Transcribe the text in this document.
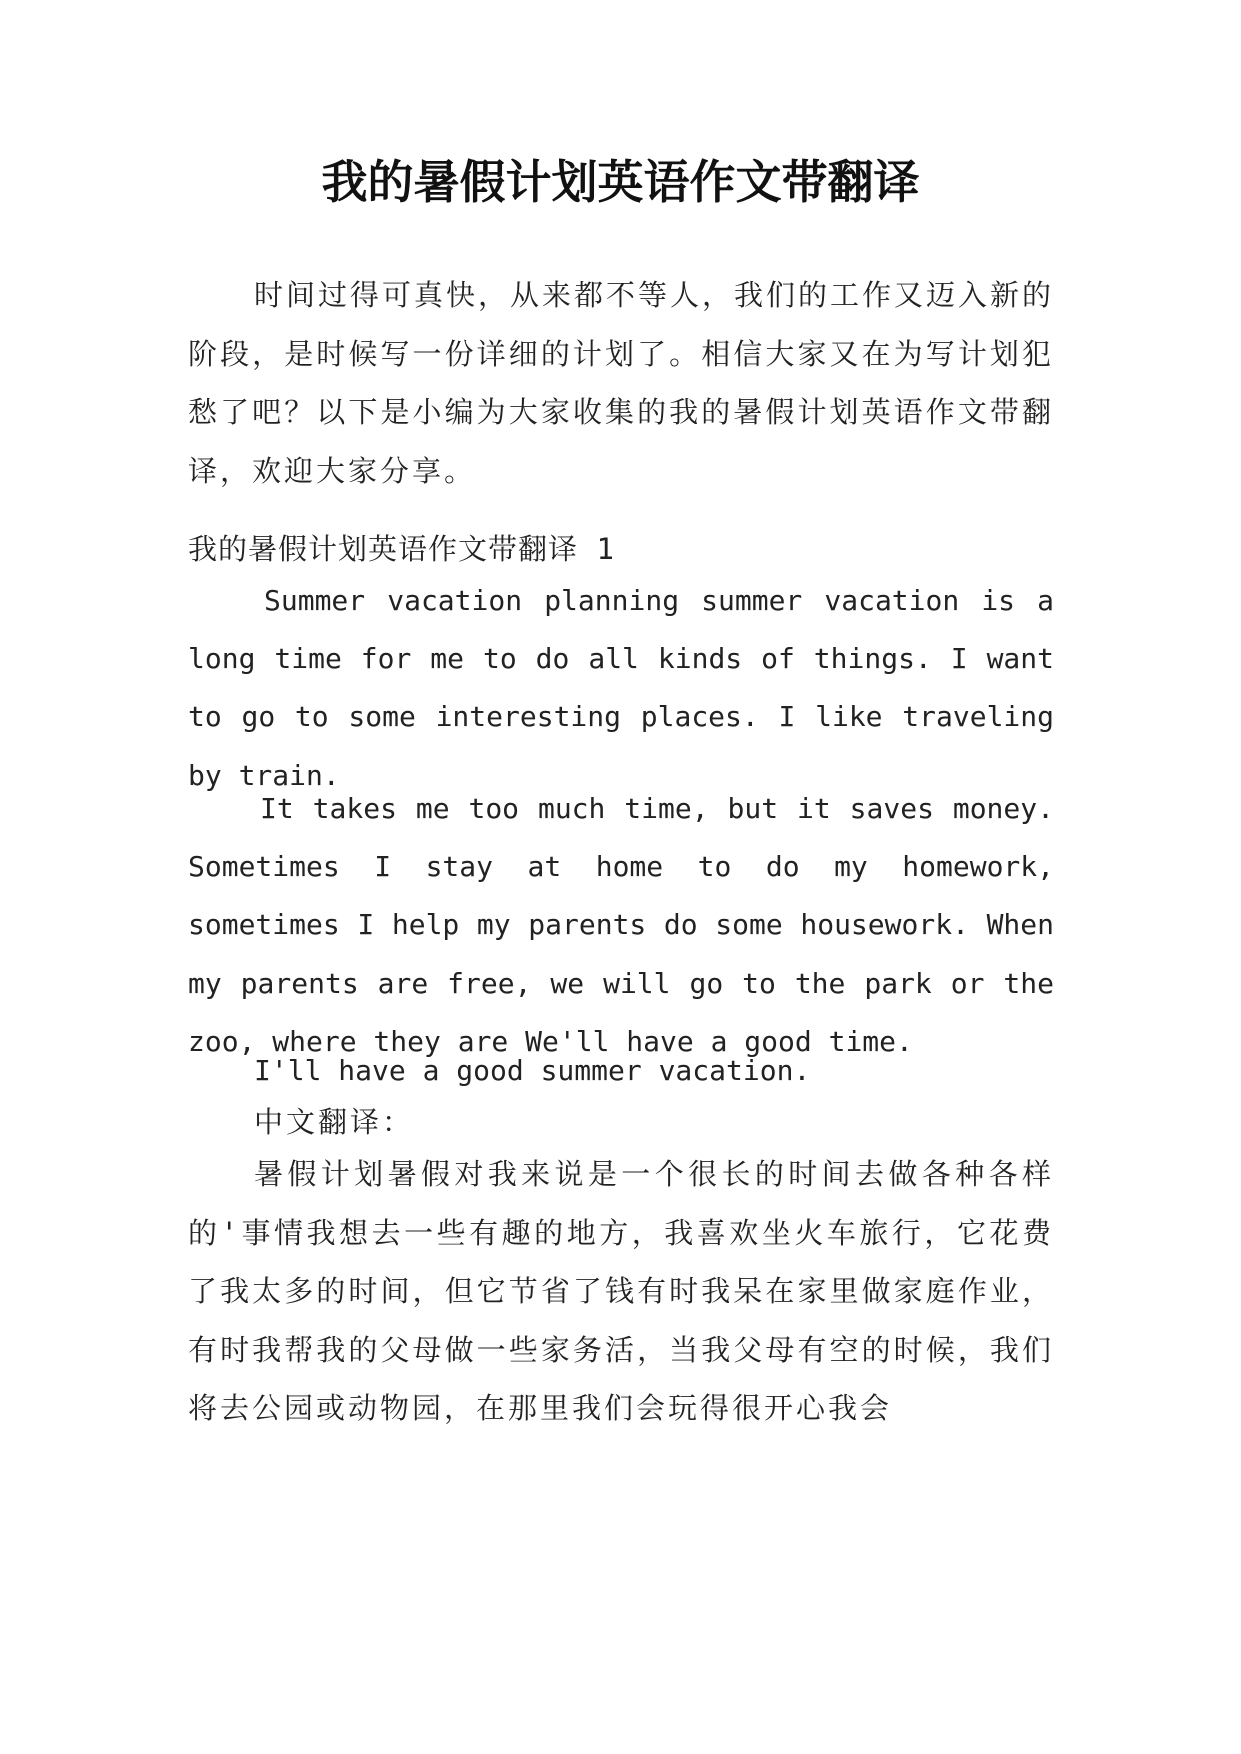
我的暑假计划英语作文带翻译

时间过得可真快，从来都不等人，我们的工作又迈入新的阶段，是时候写一份详细的计划了。相信大家又在为写计划犯愁了吧？以下是小编为大家收集的我的暑假计划英语作文带翻译，欢迎大家分享。

我的暑假计划英语作文带翻译 1

Summer vacation planning summer vacation is a long time for me to do all kinds of things. I want to go to some interesting places. I like traveling by train.

It takes me too much time, but it saves money. Sometimes I stay at home to do my homework, sometimes I help my parents do some housework. When my parents are free, we will go to the park or the zoo, where they are We'll have a good time.

I'll have a good summer vacation.

中文翻译：

暑假计划暑假对我来说是一个很长的时间去做各种各样的'事情我想去一些有趣的地方，我喜欢坐火车旅行，它花费了我太多的时间，但它节省了钱有时我呆在家里做家庭作业，有时我帮我的父母做一些家务活，当我父母有空的时候，我们将去公园或动物园，在那里我们会玩得很开心我会
